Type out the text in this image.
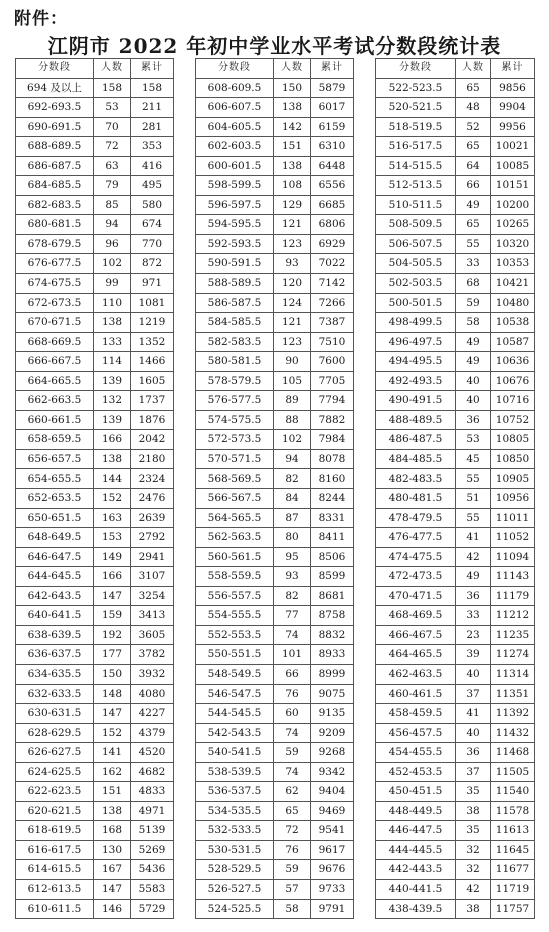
附件：
江阴市 2022 年初中学业水平考试分数段统计表
分数段	人数	累计
694 及以上	158	158
692-693.5	53	211
690-691.5	70	281
688-689.5	72	353
686-687.5	63	416
684-685.5	79	495
682-683.5	85	580
680-681.5	94	674
678-679.5	96	770
676-677.5	102	872
674-675.5	99	971
672-673.5	110	1081
670-671.5	138	1219
668-669.5	133	1352
666-667.5	114	1466
664-665.5	139	1605
662-663.5	132	1737
660-661.5	139	1876
658-659.5	166	2042
656-657.5	138	2180
654-655.5	144	2324
652-653.5	152	2476
650-651.5	163	2639
648-649.5	153	2792
646-647.5	149	2941
644-645.5	166	3107
642-643.5	147	3254
640-641.5	159	3413
638-639.5	192	3605
636-637.5	177	3782
634-635.5	150	3932
632-633.5	148	4080
630-631.5	147	4227
628-629.5	152	4379
626-627.5	141	4520
624-625.5	162	4682
622-623.5	151	4833
620-621.5	138	4971
618-619.5	168	5139
616-617.5	130	5269
614-615.5	167	5436
612-613.5	147	5583
610-611.5	146	5729
分数段	人数	累计
608-609.5	150	5879
606-607.5	138	6017
604-605.5	142	6159
602-603.5	151	6310
600-601.5	138	6448
598-599.5	108	6556
596-597.5	129	6685
594-595.5	121	6806
592-593.5	123	6929
590-591.5	93	7022
588-589.5	120	7142
586-587.5	124	7266
584-585.5	121	7387
582-583.5	123	7510
580-581.5	90	7600
578-579.5	105	7705
576-577.5	89	7794
574-575.5	88	7882
572-573.5	102	7984
570-571.5	94	8078
568-569.5	82	8160
566-567.5	84	8244
564-565.5	87	8331
562-563.5	80	8411
560-561.5	95	8506
558-559.5	93	8599
556-557.5	82	8681
554-555.5	77	8758
552-553.5	74	8832
550-551.5	101	8933
548-549.5	66	8999
546-547.5	76	9075
544-545.5	60	9135
542-543.5	74	9209
540-541.5	59	9268
538-539.5	74	9342
536-537.5	62	9404
534-535.5	65	9469
532-533.5	72	9541
530-531.5	76	9617
528-529.5	59	9676
526-527.5	57	9733
524-525.5	58	9791
分数段	人数	累计
522-523.5	65	9856
520-521.5	48	9904
518-519.5	52	9956
516-517.5	65	10021
514-515.5	64	10085
512-513.5	66	10151
510-511.5	49	10200
508-509.5	65	10265
506-507.5	55	10320
504-505.5	33	10353
502-503.5	68	10421
500-501.5	59	10480
498-499.5	58	10538
496-497.5	49	10587
494-495.5	49	10636
492-493.5	40	10676
490-491.5	40	10716
488-489.5	36	10752
486-487.5	53	10805
484-485.5	45	10850
482-483.5	55	10905
480-481.5	51	10956
478-479.5	55	11011
476-477.5	41	11052
474-475.5	42	11094
472-473.5	49	11143
470-471.5	36	11179
468-469.5	33	11212
466-467.5	23	11235
464-465.5	39	11274
462-463.5	40	11314
460-461.5	37	11351
458-459.5	41	11392
456-457.5	40	11432
454-455.5	36	11468
452-453.5	37	11505
450-451.5	35	11540
448-449.5	38	11578
446-447.5	35	11613
444-445.5	32	11645
442-443.5	32	11677
440-441.5	42	11719
438-439.5	38	11757
